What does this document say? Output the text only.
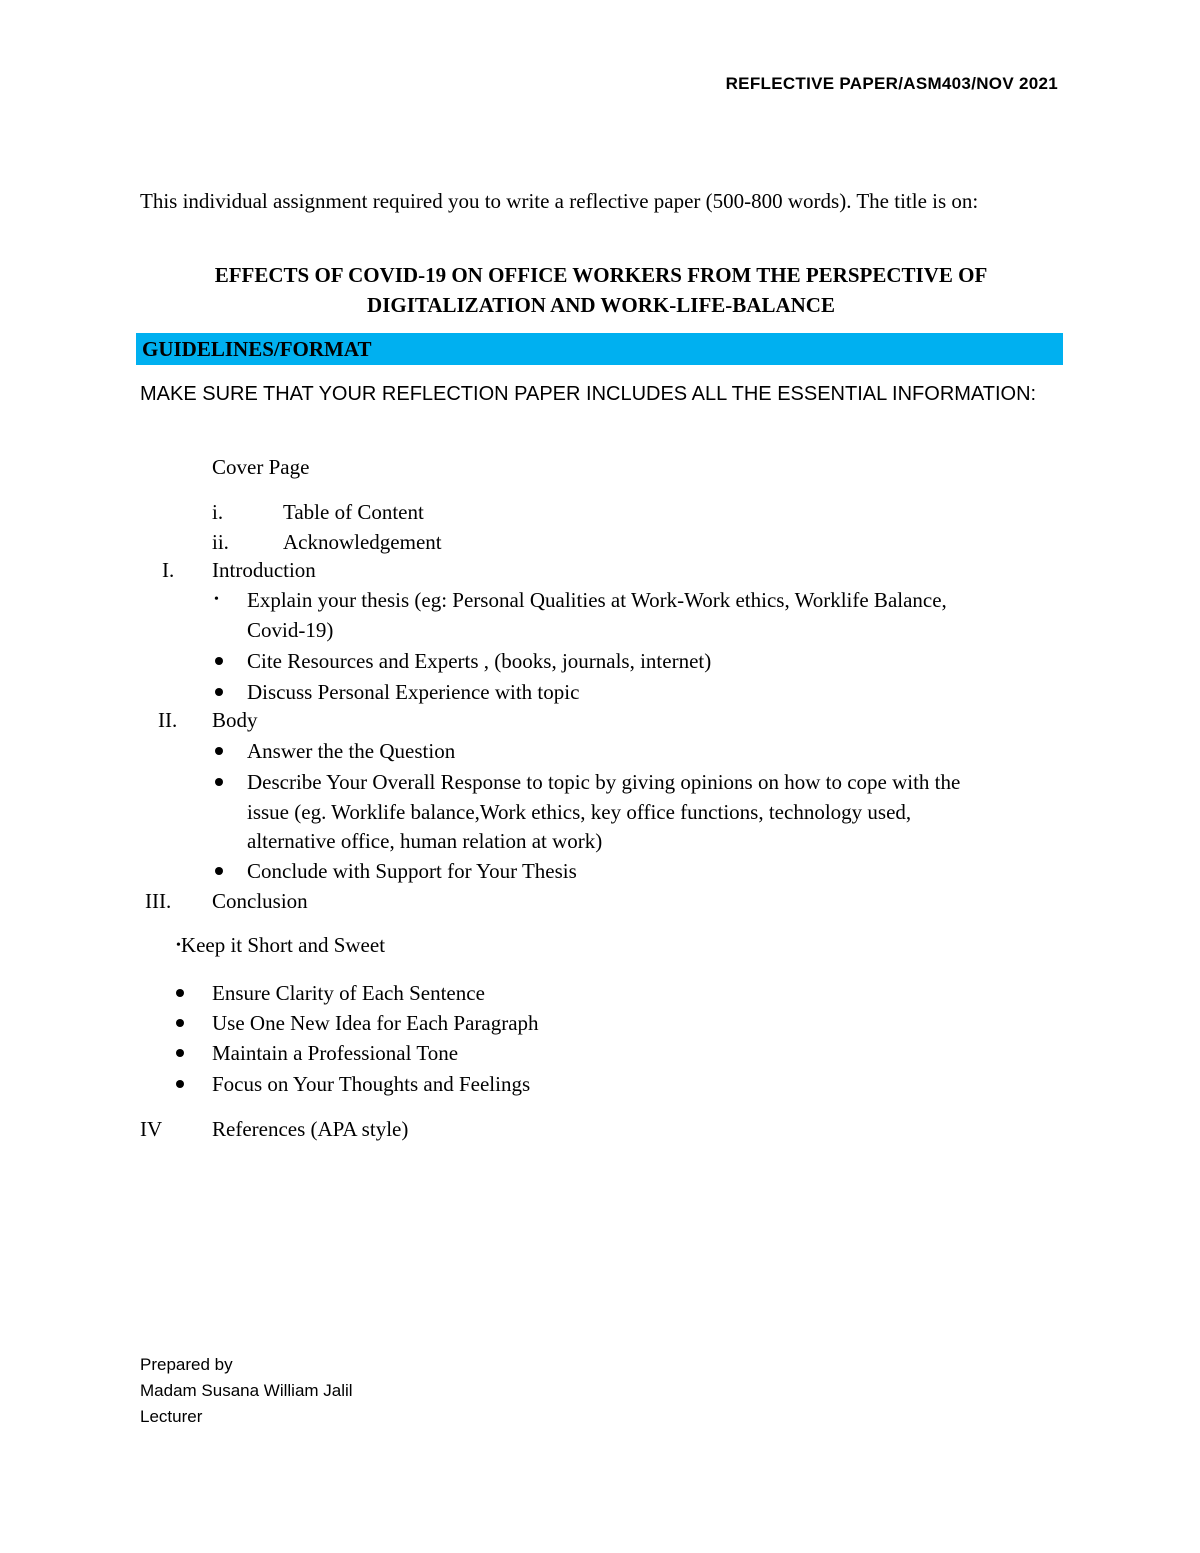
REFLECTIVE PAPER/ASM403/NOV 2021
This individual assignment required you to write a reflective paper (500-800 words). The title is on:
EFFECTS OF COVID-19 ON OFFICE WORKERS FROM THE PERSPECTIVE OF
DIGITALIZATION AND WORK-LIFE-BALANCE
GUIDELINES/FORMAT
MAKE SURE THAT YOUR REFLECTION PAPER INCLUDES ALL THE ESSENTIAL INFORMATION:
Cover Page
i.	Table of Content
ii.	Acknowledgement
I. Introduction
• Explain your thesis (eg: Personal Qualities at Work-Work ethics, Worklife Balance,
Covid-19)
Cite Resources and Experts , (books, journals, internet)
Discuss Personal Experience with topic
II. Body
Answer the the Question
Describe Your Overall Response to topic by giving opinions on how to cope with the
issue (eg. Worklife balance,Work ethics, key office functions, technology used,
alternative office, human relation at work)
Conclude with Support for Your Thesis
III. Conclusion
•Keep it Short and Sweet
Ensure Clarity of Each Sentence
Use One New Idea for Each Paragraph
Maintain a Professional Tone
Focus on Your Thoughts and Feelings
IV References (APA style)
Prepared by
Madam Susana William Jalil
Lecturer
